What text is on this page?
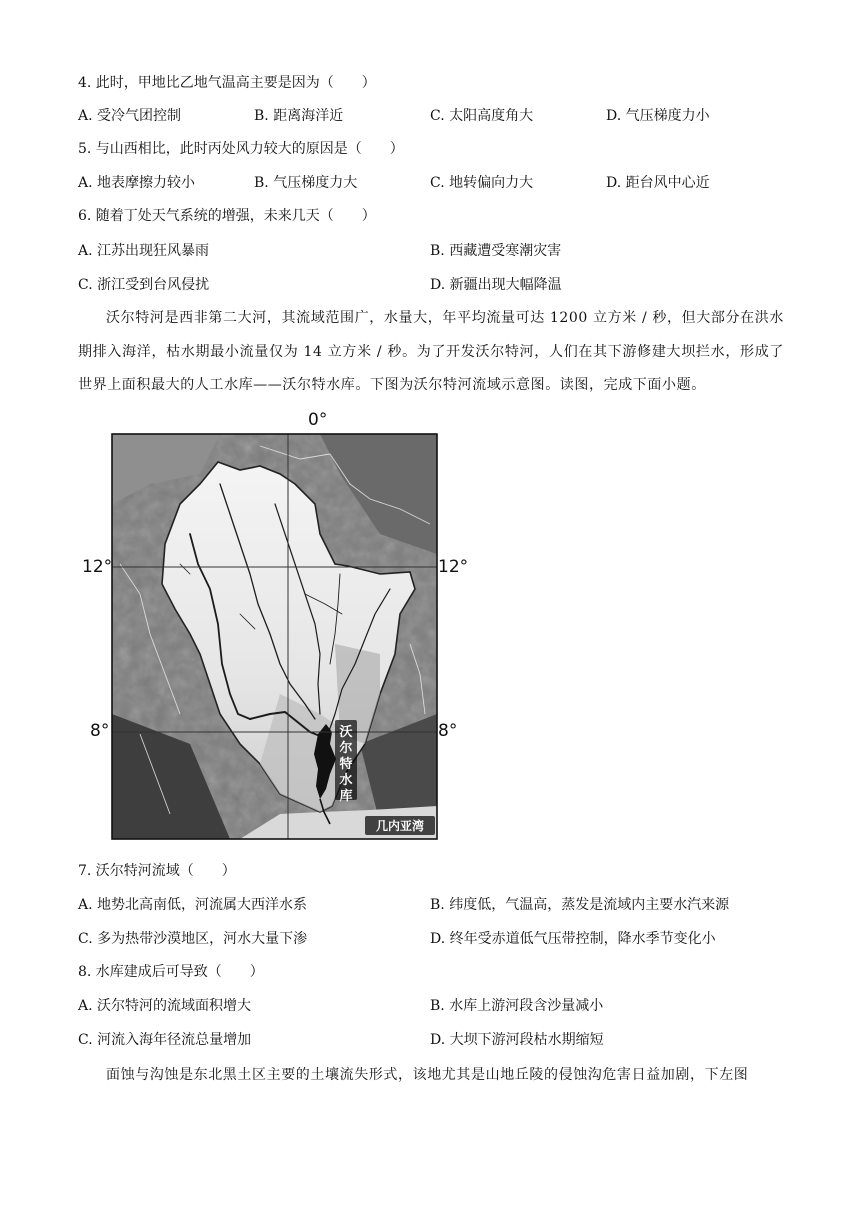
4. 此时，甲地比乙地气温高主要是因为（　　）
A. 受冷气团控制	B. 距离海洋近	C. 太阳高度角大	D. 气压梯度力小
5. 与山西相比，此时丙处风力较大的原因是（　　）
A. 地表摩擦力较小	B. 气压梯度力大	C. 地转偏向力大	D. 距台风中心近
6. 随着丁处天气系统的增强，未来几天（　　）
A. 江苏出现狂风暴雨	B. 西藏遭受寒潮灾害
C. 浙江受到台风侵扰	D. 新疆出现大幅降温
沃尔特河是西非第二大河，其流域范围广，水量大，年平均流量可达 1200 立方米 / 秒，但大部分在洪水期排入海洋，枯水期最小流量仅为 14 立方米 / 秒。为了开发沃尔特河，人们在其下游修建大坝拦水，形成了世界上面积最大的人工水库——沃尔特水库。下图为沃尔特河流域示意图。读图，完成下面小题。
沃
尔
特
水
库
几内亚湾
0°
12°	12°
8°	8°
7. 沃尔特河流域（　　）
A. 地势北高南低，河流属大西洋水系	B. 纬度低，气温高，蒸发是流域内主要水汽来源
C. 多为热带沙漠地区，河水大量下渗	D. 终年受赤道低气压带控制，降水季节变化小
8. 水库建成后可导致（　　）
A. 沃尔特河的流域面积增大	B. 水库上游河段含沙量减小
C. 河流入海年径流总量增加	D. 大坝下游河段枯水期缩短
面蚀与沟蚀是东北黑土区主要的土壤流失形式，该地尤其是山地丘陵的侵蚀沟危害日益加剧，下左图
